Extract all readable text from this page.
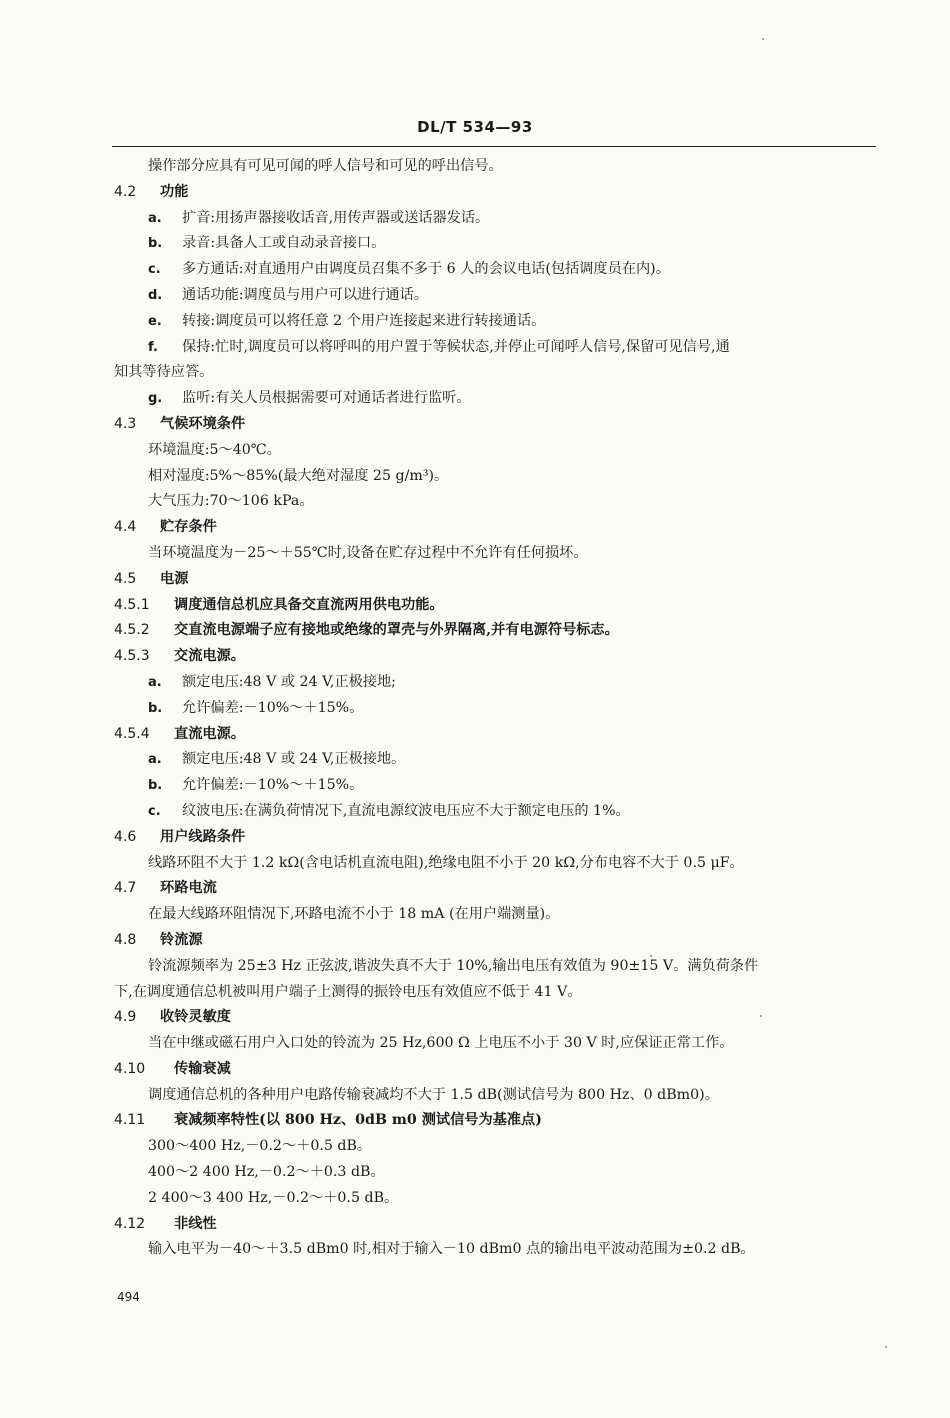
DL/T 534—93
操作部分应具有可见可闻的呼人信号和可见的呼出信号。
4.2 功能
a. 扩音:用扬声器接收话音,用传声器或送话器发话。
b. 录音:具备人工或自动录音接口。
c. 多方通话:对直通用户由调度员召集不多于 6 人的会议电话(包括调度员在内)。
d. 通话功能:调度员与用户可以进行通话。
e. 转接:调度员可以将任意 2 个用户连接起来进行转接通话。
f. 保持:忙时,调度员可以将呼叫的用户置于等候状态,并停止可闻呼人信号,保留可见信号,通
知其等待应答。
g. 监听:有关人员根据需要可对通话者进行监听。
4.3 气候环境条件
环境温度:5～40℃。
相对湿度:5%～85%(最大绝对湿度 25 g/m³)。
大气压力:70～106 kPa。
4.4 贮存条件
当环境温度为－25～＋55℃时,设备在贮存过程中不允许有任何损坏。
4.5 电源
4.5.1 调度通信总机应具备交直流两用供电功能。
4.5.2 交直流电源端子应有接地或绝缘的罩壳与外界隔离,并有电源符号标志。
4.5.3 交流电源。
a. 额定电压:48 V 或 24 V,正极接地;
b. 允许偏差:－10%～＋15%。
4.5.4 直流电源。
a. 额定电压:48 V 或 24 V,正极接地。
b. 允许偏差:－10%～＋15%。
c. 纹波电压:在满负荷情况下,直流电源纹波电压应不大于额定电压的 1%。
4.6 用户线路条件
线路环阻不大于 1.2 kΩ(含电话机直流电阻),绝缘电阻不小于 20 kΩ,分布电容不大于 0.5 μF。
4.7 环路电流
在最大线路环阻情况下,环路电流不小于 18 mA (在用户端测量)。
4.8 铃流源
铃流源频率为 25±3 Hz 正弦波,谐波失真不大于 10%,输出电压有效值为 90±15 V。满负荷条件
下,在调度通信总机被叫用户端子上测得的振铃电压有效值应不低于 41 V。
4.9 收铃灵敏度
当在中继或磁石用户入口处的铃流为 25 Hz,600 Ω 上电压不小于 30 V 时,应保证正常工作。
4.10 传输衰减
调度通信总机的各种用户电路传输衰减均不大于 1.5 dB(测试信号为 800 Hz、0 dBm0)。
4.11 衰减频率特性(以 800 Hz、0dB m0 测试信号为基准点)
300～400 Hz,－0.2～＋0.5 dB。
400～2 400 Hz,－0.2～＋0.3 dB。
2 400～3 400 Hz,－0.2～＋0.5 dB。
4.12 非线性
输入电平为－40～＋3.5 dBm0 时,相对于输入－10 dBm0 点的输出电平波动范围为±0.2 dB。
494
